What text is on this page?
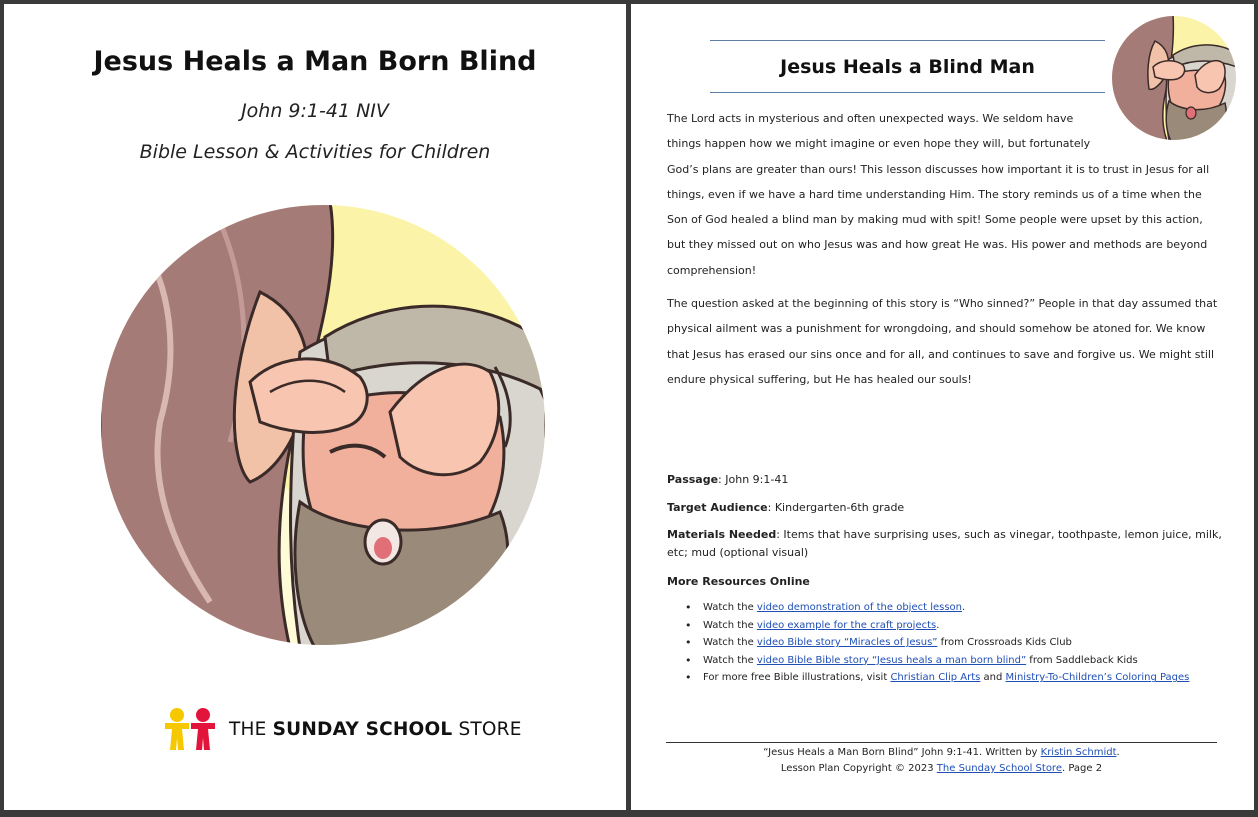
Jesus Heals a Man Born Blind
John 9:1-41 NIV
Bible Lesson & Activities for Children
THE SUNDAY SCHOOL STORE
Jesus Heals a Blind Man

The Lord acts in mysterious and often unexpected ways. We seldom have things happen how we might imagine or even hope they will, but fortunately God’s plans are greater than ours! This lesson discusses how important it is to trust in Jesus for all things, even if we have a hard time understanding Him. The story reminds us of a time when the Son of God healed a blind man by making mud with spit! Some people were upset by this action, but they missed out on who Jesus was and how great He was. His power and methods are beyond comprehension!

The question asked at the beginning of this story is “Who sinned?” People in that day assumed that physical ailment was a punishment for wrongdoing, and should somehow be atoned for. We know that Jesus has erased our sins once and for all, and continues to save and forgive us. We might still endure physical suffering, but He has healed our souls!

Passage: John 9:1-41

Target Audience: Kindergarten-6th grade

Materials Needed: Items that have surprising uses, such as vinegar, toothpaste, lemon juice, milk, etc; mud (optional visual)

More Resources Online

• Watch the video demonstration of the object lesson.
• Watch the video example for the craft projects.
• Watch the video Bible story “Miracles of Jesus” from Crossroads Kids Club
• Watch the video Bible Bible story “Jesus heals a man born blind” from Saddleback Kids
• For more free Bible illustrations, visit Christian Clip Arts and Ministry-To-Children’s Coloring Pages
“Jesus Heals a Man Born Blind” John 9:1-41. Written by Kristin Schmidt.
Lesson Plan Copyright © 2023 The Sunday School Store. Page 2
